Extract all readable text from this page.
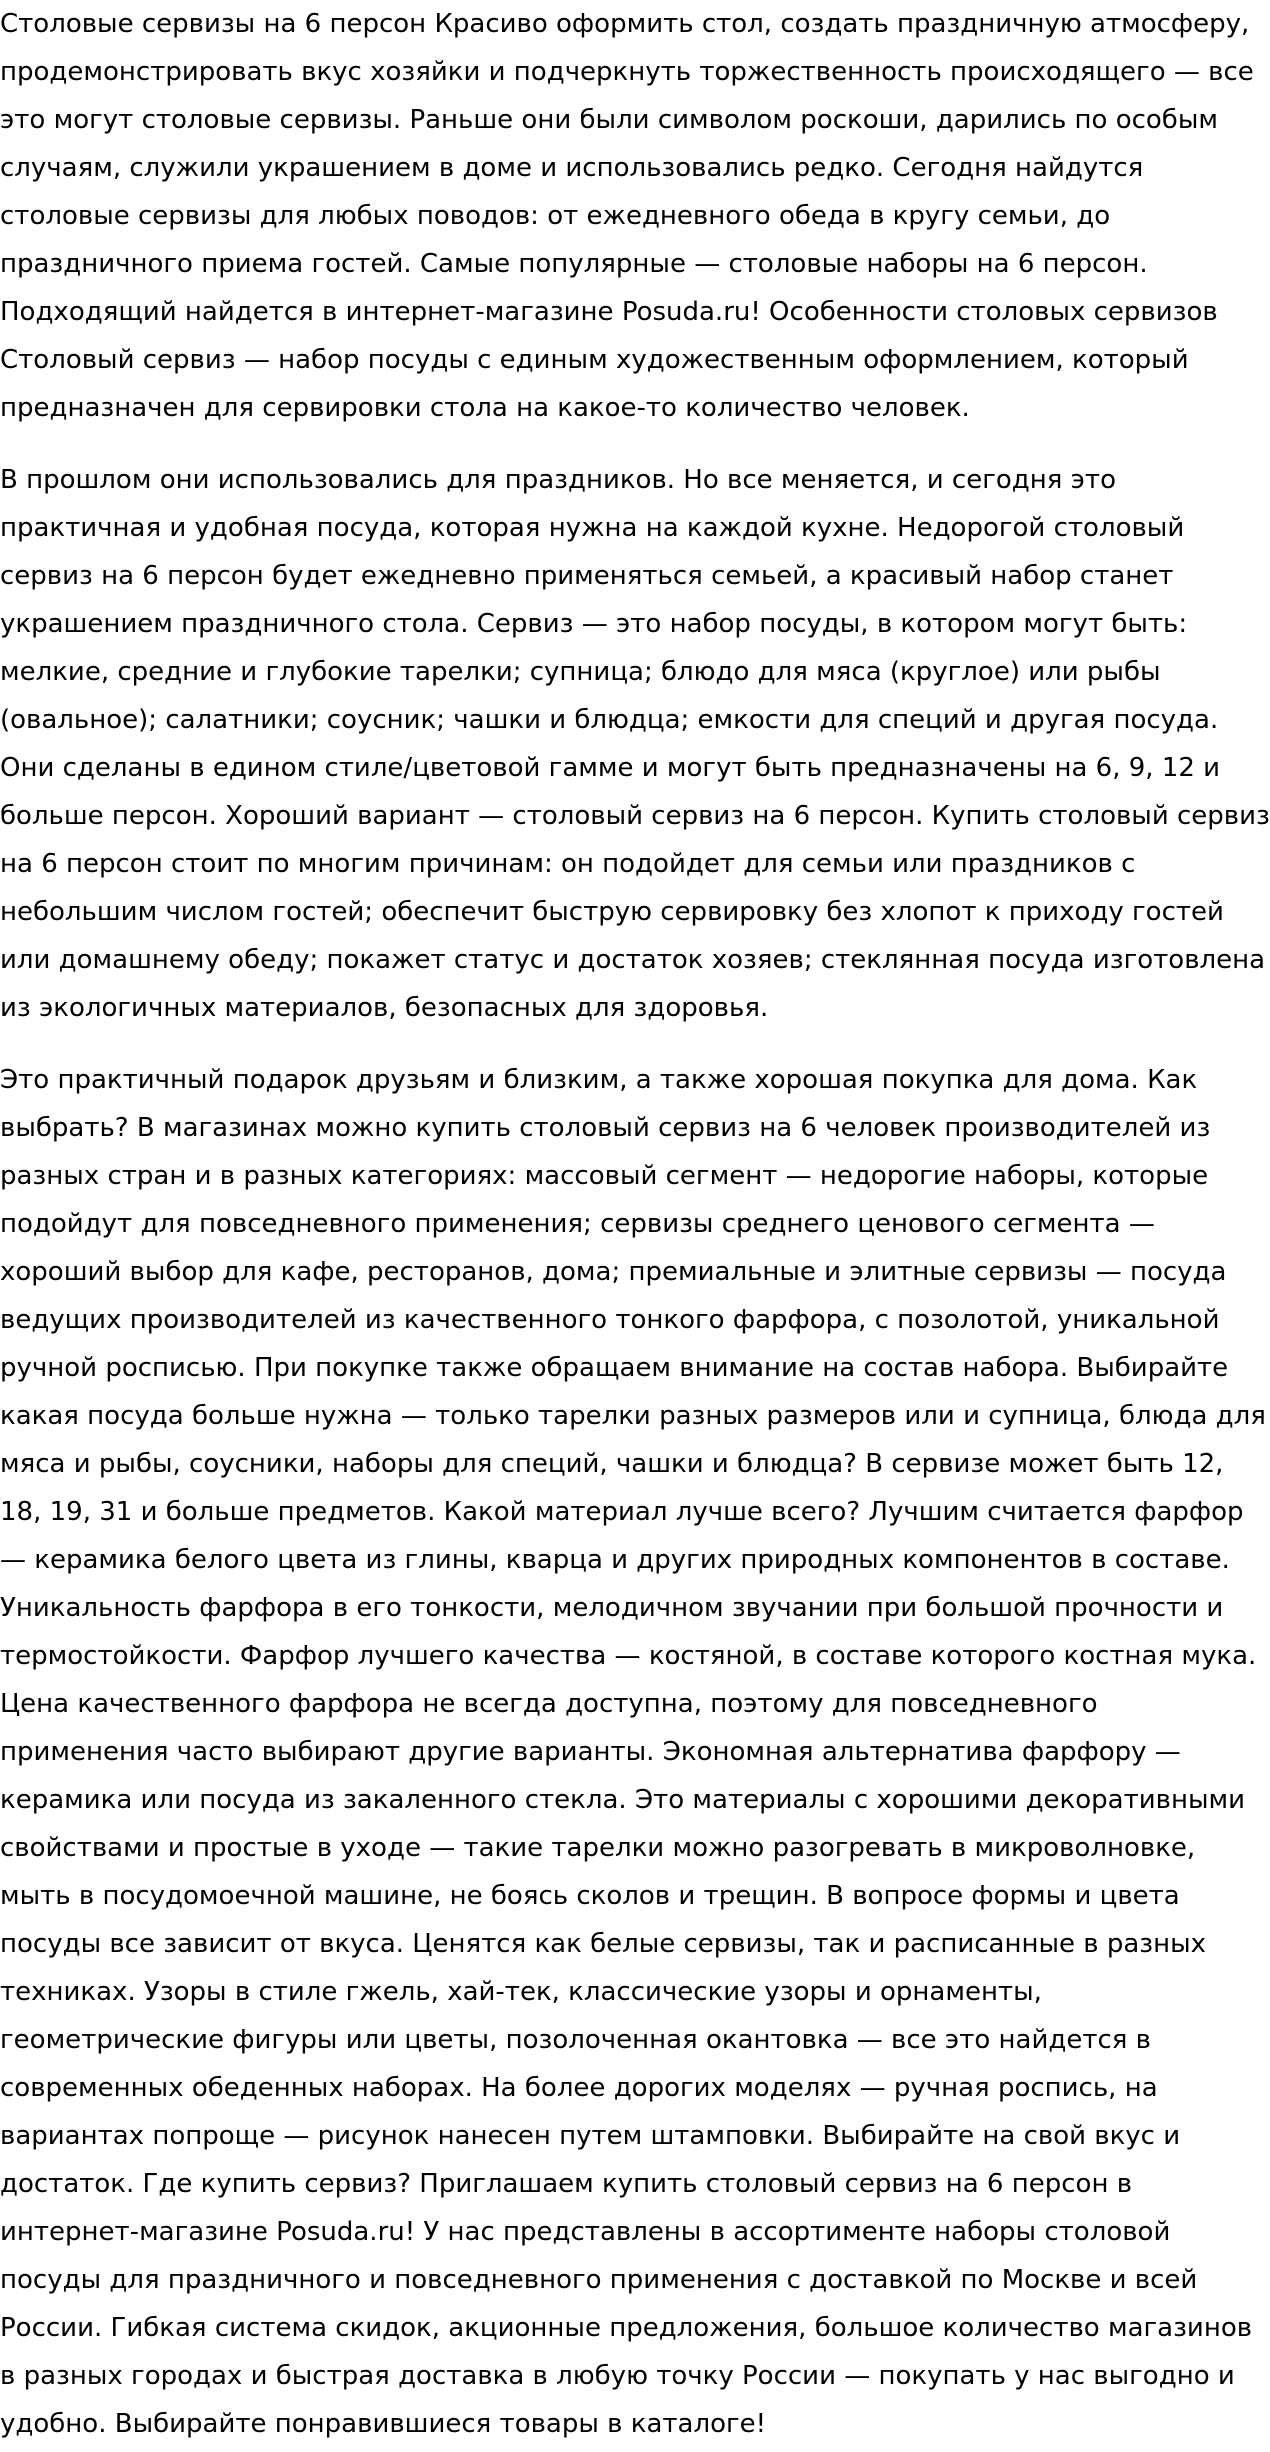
Столовые сервизы на 6 персон Красиво оформить стол, создать праздничную атмосферу, продемонстрировать вкус хозяйки и подчеркнуть торжественность происходящего — все это могут столовые сервизы. Раньше они были символом роскоши, дарились по особым случаям, служили украшением в доме и использовались редко. Сегодня найдутся столовые сервизы для любых поводов: от ежедневного обеда в кругу семьи, до праздничного приема гостей. Самые популярные — столовые наборы на 6 персон. Подходящий найдется в интернет-магазине Posuda.ru! Особенности столовых сервизов Столовый сервиз — набор посуды с единым художественным оформлением, который предназначен для сервировки стола на какое-то количество человек.

В прошлом они использовались для праздников. Но все меняется, и сегодня это практичная и удобная посуда, которая нужна на каждой кухне. Недорогой столовый сервиз на 6 персон будет ежедневно применяться семьей, а красивый набор станет украшением праздничного стола. Сервиз — это набор посуды, в котором могут быть: мелкие, средние и глубокие тарелки; супница; блюдо для мяса (круглое) или рыбы (овальное); салатники; соусник; чашки и блюдца; емкости для специй и другая посуда. Они сделаны в едином стиле/цветовой гамме и могут быть предназначены на 6, 9, 12 и больше персон. Хороший вариант — столовый сервиз на 6 персон. Купить столовый сервиз на 6 персон стоит по многим причинам: он подойдет для семьи или праздников с небольшим числом гостей; обеспечит быструю сервировку без хлопот к приходу гостей или домашнему обеду; покажет статус и достаток хозяев; стеклянная посуда изготовлена из экологичных материалов, безопасных для здоровья.

Это практичный подарок друзьям и близким, а также хорошая покупка для дома. Как выбрать? В магазинах можно купить столовый сервиз на 6 человек производителей из разных стран и в разных категориях: массовый сегмент — недорогие наборы, которые подойдут для повседневного применения; сервизы среднего ценового сегмента — хороший выбор для кафе, ресторанов, дома; премиальные и элитные сервизы — посуда ведущих производителей из качественного тонкого фарфора, с позолотой, уникальной ручной росписью. При покупке также обращаем внимание на состав набора. Выбирайте какая посуда больше нужна — только тарелки разных размеров или и супница, блюда для мяса и рыбы, соусники, наборы для специй, чашки и блюдца? В сервизе может быть 12, 18, 19, 31 и больше предметов. Какой материал лучше всего? Лучшим считается фарфор — керамика белого цвета из глины, кварца и других природных компонентов в составе. Уникальность фарфора в его тонкости, мелодичном звучании при большой прочности и термостойкости. Фарфор лучшего качества — костяной, в составе которого костная мука. Цена качественного фарфора не всегда доступна, поэтому для повседневного применения часто выбирают другие варианты. Экономная альтернатива фарфору — керамика или посуда из закаленного стекла. Это материалы с хорошими декоративными свойствами и простые в уходе — такие тарелки можно разогревать в микроволновке, мыть в посудомоечной машине, не боясь сколов и трещин. В вопросе формы и цвета посуды все зависит от вкуса. Ценятся как белые сервизы, так и расписанные в разных техниках. Узоры в стиле гжель, хай-тек, классические узоры и орнаменты, геометрические фигуры или цветы, позолоченная окантовка — все это найдется в современных обеденных наборах. На более дорогих моделях — ручная роспись, на вариантах попроще — рисунок нанесен путем штамповки. Выбирайте на свой вкус и достаток. Где купить сервиз? Приглашаем купить столовый сервиз на 6 персон в интернет-магазине Posuda.ru! У нас представлены в ассортименте наборы столовой посуды для праздничного и повседневного применения с доставкой по Москве и всей России. Гибкая система скидок, акционные предложения, большое количество магазинов в разных городах и быстрая доставка в любую точку России — покупать у нас выгодно и удобно. Выбирайте понравившиеся товары в каталоге!
